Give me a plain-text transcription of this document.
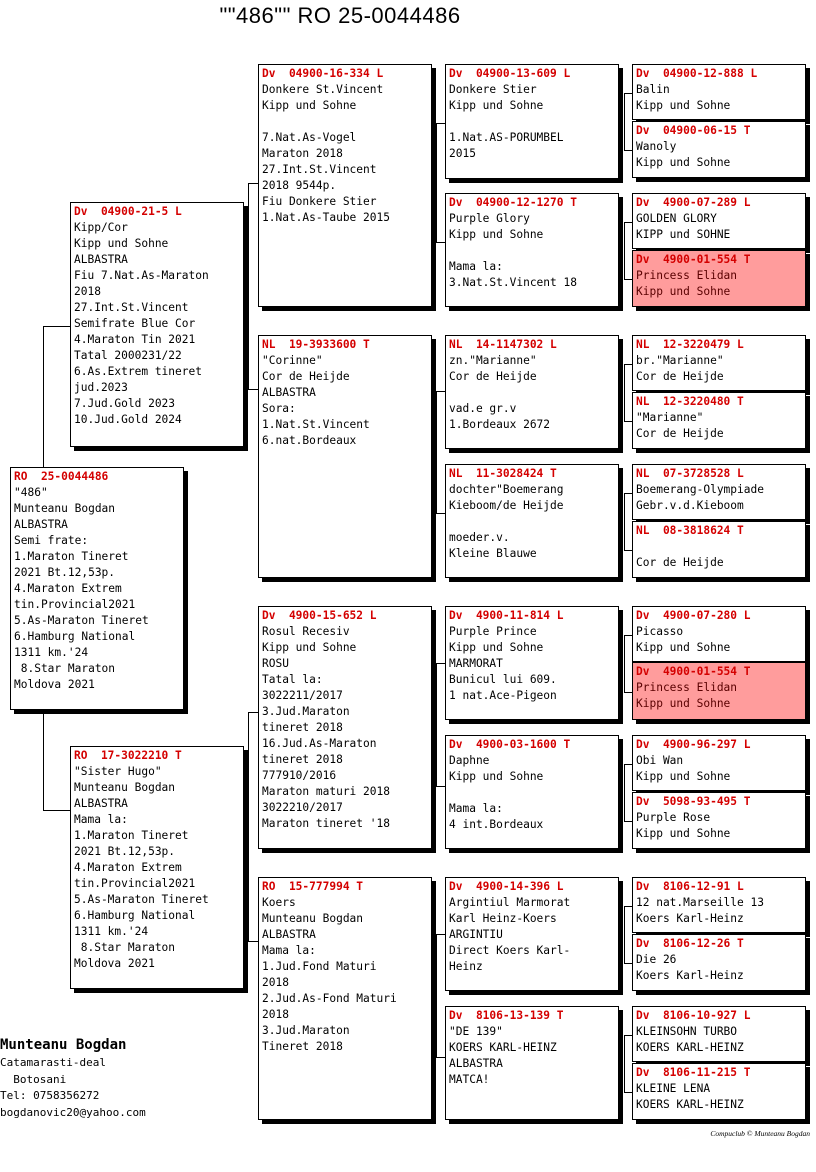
""486"" RO 25-0044486
RO  25-0044486
"486"
Munteanu Bogdan
ALBASTRA
Semi frate:
1.Maraton Tineret
2021 Bt.12,53p.
4.Maraton Extrem
tin.Provincial2021
5.As-Maraton Tineret
6.Hamburg National
1311 km.'24
8.Star Maraton
Moldova 2021
Dv  04900-21-5 L
Kipp/Cor
Kipp und Sohne
ALBASTRA
Fiu 7.Nat.As-Maraton
2018
27.Int.St.Vincent
Semifrate Blue Cor
4.Maraton Tin 2021
Tatal 2000231/22
6.As.Extrem tineret
jud.2023
7.Jud.Gold 2023
10.Jud.Gold 2024
RO  17-3022210 T
"Sister Hugo"
Munteanu Bogdan
ALBASTRA
Mama la:
1.Maraton Tineret
2021 Bt.12,53p.
4.Maraton Extrem
tin.Provincial2021
5.As-Maraton Tineret
6.Hamburg National
1311 km.'24
8.Star Maraton
Moldova 2021
Dv  04900-16-334 L
Donkere St.Vincent
Kipp und Sohne

7.Nat.As-Vogel
Maraton 2018
27.Int.St.Vincent
2018 9544p.
Fiu Donkere Stier
1.Nat.As-Taube 2015
NL  19-3933600 T
"Corinne"
Cor de Heijde
ALBASTRA
Sora:
1.Nat.St.Vincent
6.nat.Bordeaux
Dv  4900-15-652 L
Rosul Recesiv
Kipp und Sohne
ROSU
Tatal la:
3022211/2017
3.Jud.Maraton
tineret 2018
16.Jud.As-Maraton
tineret 2018
777910/2016
Maraton maturi 2018
3022210/2017
Maraton tineret '18
RO  15-777994 T
Koers
Munteanu Bogdan
ALBASTRA
Mama la:
1.Jud.Fond Maturi
2018
2.Jud.As-Fond Maturi
2018
3.Jud.Maraton
Tineret 2018
Dv  04900-13-609 L
Donkere Stier
Kipp und Sohne

1.Nat.AS-PORUMBEL
2015
Dv  04900-12-1270 T
Purple Glory
Kipp und Sohne

Mama la:
3.Nat.St.Vincent 18
NL  14-1147302 L
zn."Marianne"
Cor de Heijde

vad.e gr.v
1.Bordeaux 2672
NL  11-3028424 T
dochter"Boemerang
Kieboom/de Heijde

moeder.v.
Kleine Blauwe
Dv  4900-11-814 L
Purple Prince
Kipp und Sohne
MARMORAT
Bunicul lui 609.
1 nat.Ace-Pigeon
Dv  4900-03-1600 T
Daphne
Kipp und Sohne

Mama la:
4 int.Bordeaux
Dv  4900-14-396 L
Argintiul Marmorat
Karl Heinz-Koers
ARGINTIU
Direct Koers Karl-
Heinz
Dv  8106-13-139 T
"DE 139"
KOERS KARL-HEINZ
ALBASTRA
MATCA!
Dv  04900-12-888 L
Balin
Kipp und Sohne
Dv  04900-06-15 T
Wanoly
Kipp und Sohne
Dv  4900-07-289 L
GOLDEN GLORY
KIPP und SOHNE
Dv  4900-01-554 T
Princess Elidan
Kipp und Sohne
NL  12-3220479 L
br."Marianne"
Cor de Heijde
NL  12-3220480 T
"Marianne"
Cor de Heijde
NL  07-3728528 L
Boemerang-Olympiade
Gebr.v.d.Kieboom
NL  08-3818624 T

Cor de Heijde
Dv  4900-07-280 L
Picasso
Kipp und Sohne
Dv  4900-01-554 T
Princess Elidan
Kipp und Sohne
Dv  4900-96-297 L
Obi Wan
Kipp und Sohne
Dv  5098-93-495 T
Purple Rose
Kipp und Sohne
Dv  8106-12-91 L
12 nat.Marseille 13
Koers Karl-Heinz
Dv  8106-12-26 T
Die 26
Koers Karl-Heinz
Dv  8106-10-927 L
KLEINSOHN TURBO
KOERS KARL-HEINZ
Dv  8106-11-215 T
KLEINE LENA
KOERS KARL-HEINZ
Munteanu Bogdan
Catamarasti-deal
Botosani
Tel: 0758356272
bogdanovic20@yahoo.com
Compuclub © Munteanu Bogdan
